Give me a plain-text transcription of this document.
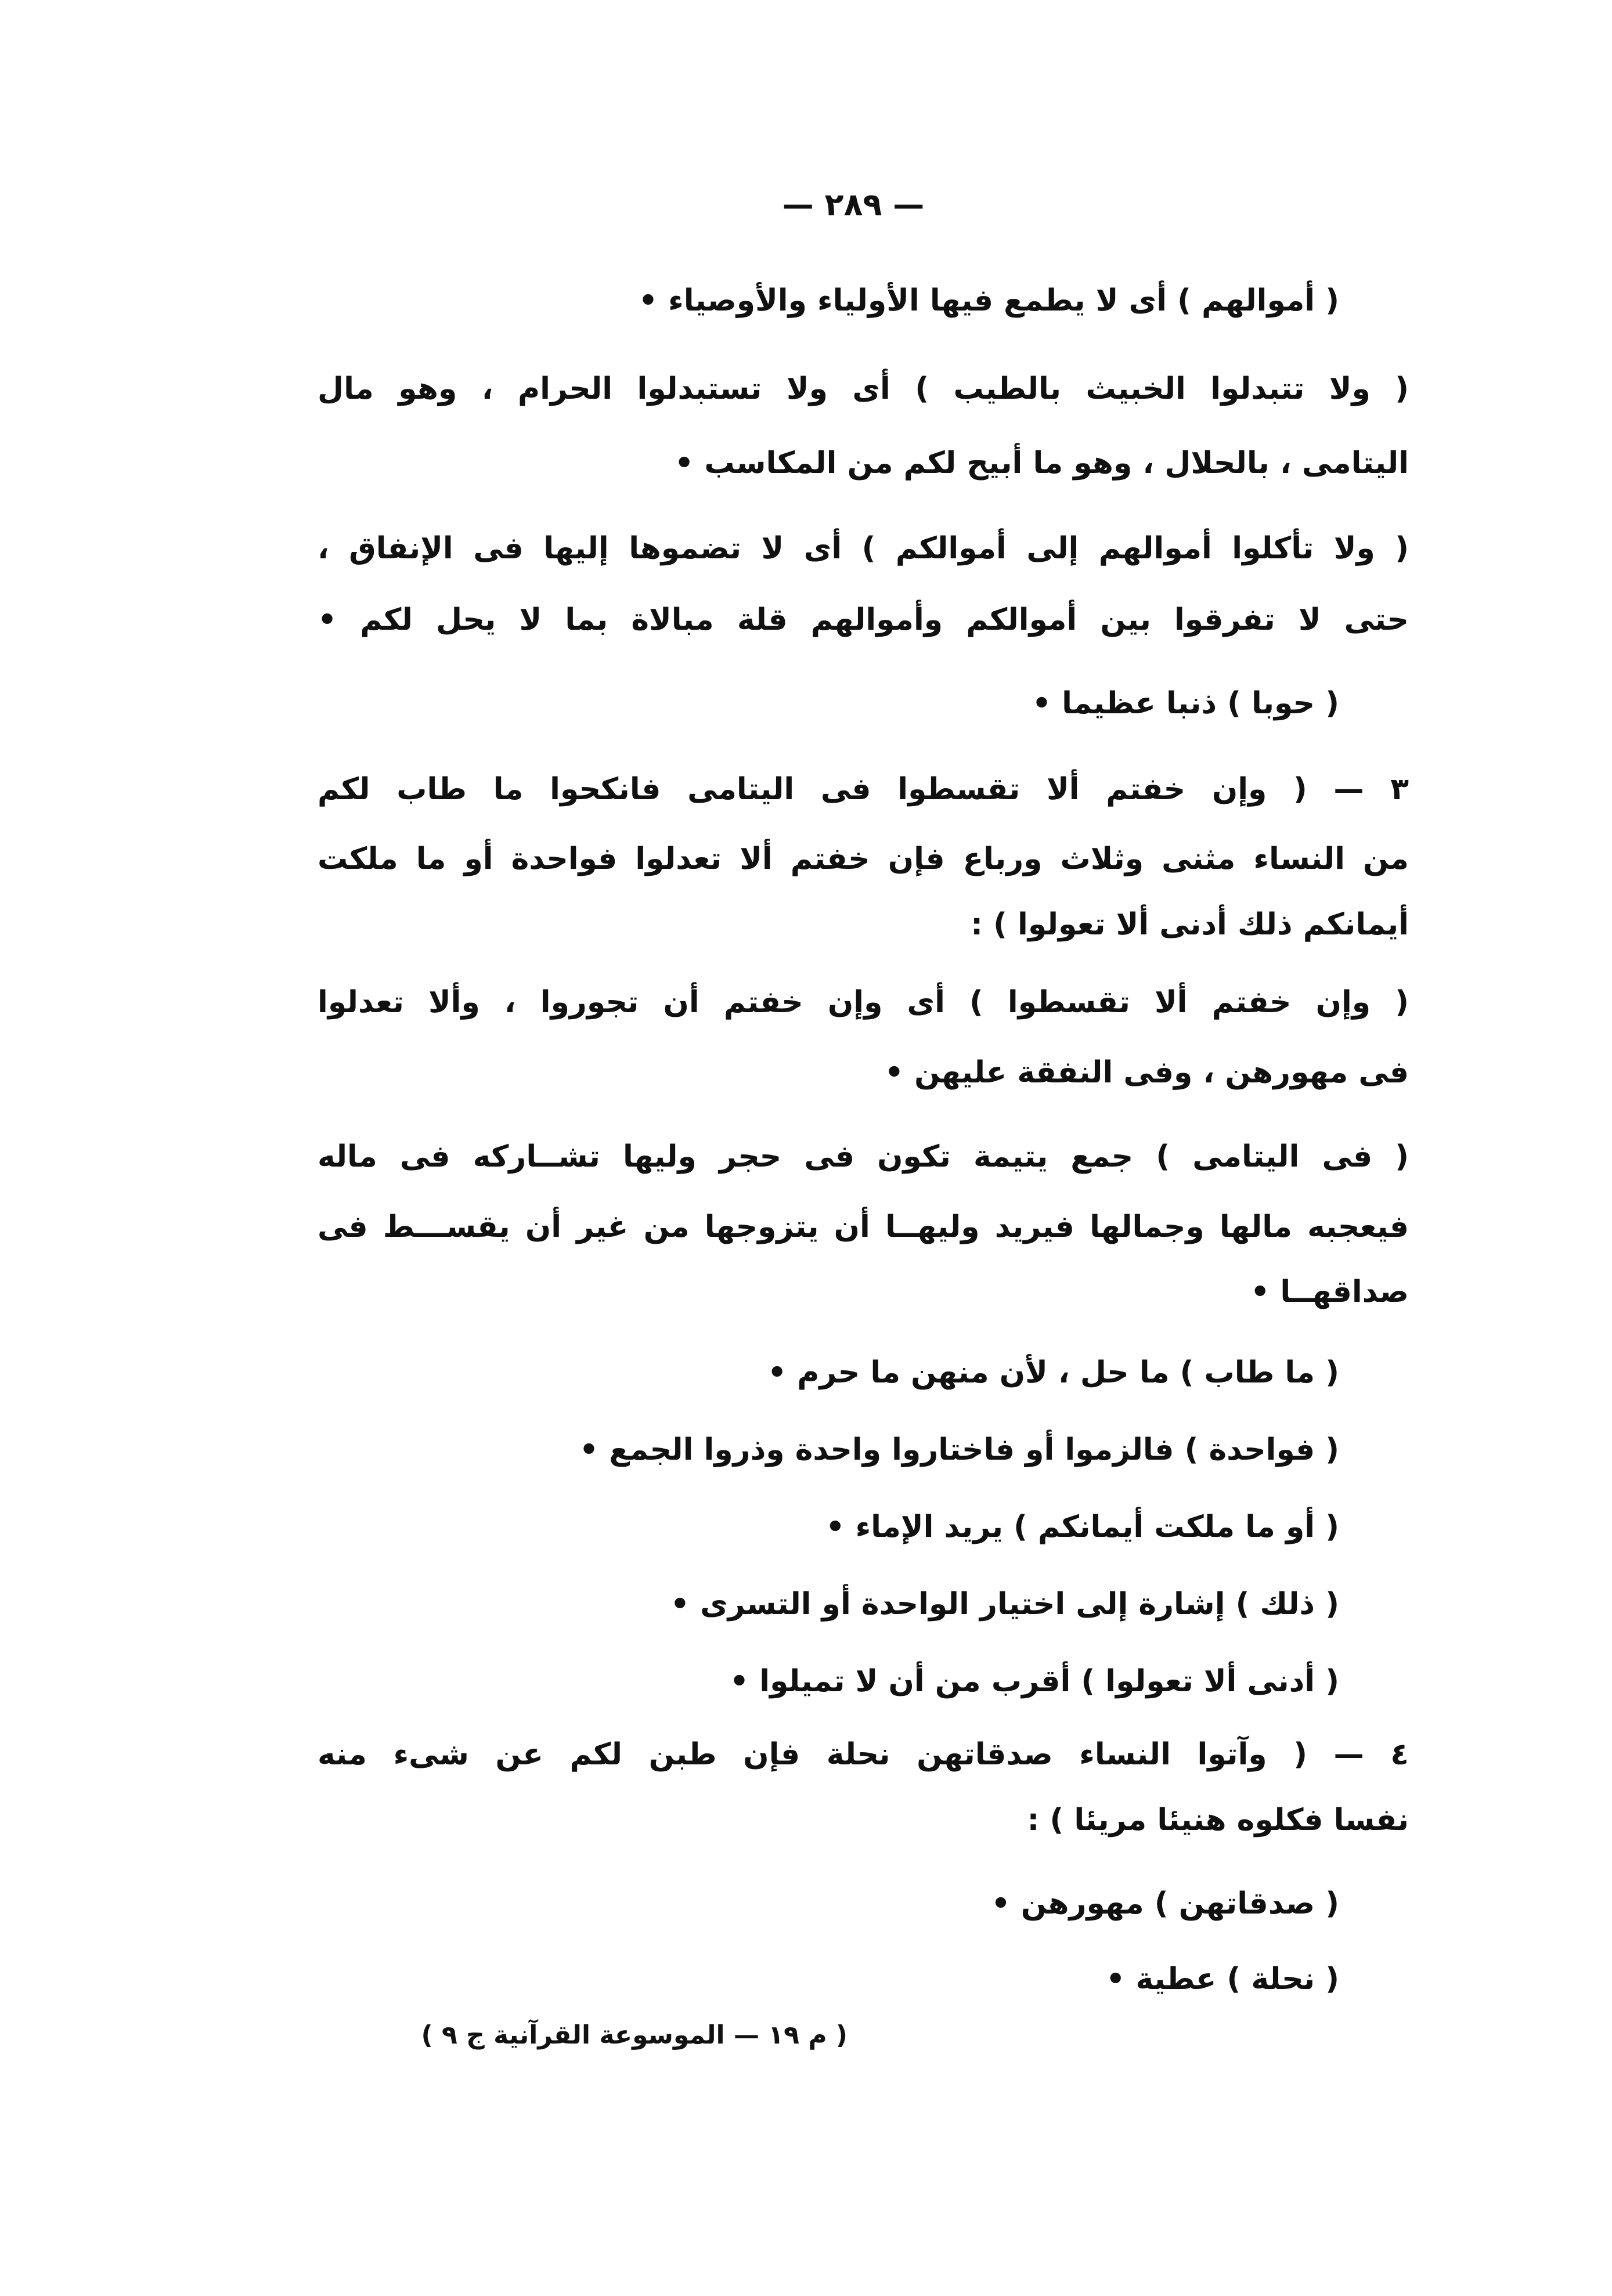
— ٢٨٩ —
( أموالهم ) أى لا يطمع فيها الأولياء والأوصياء •
( ولا تتبدلوا الخبيث بالطيب ) أى ولا تستبدلوا الحرام ، وهو مال
اليتامى ، بالحلال ، وهو ما أبيح لكم من المكاسب •
( ولا تأكلوا أموالهم إلى أموالكم ) أى لا تضموها إليها فى الإنفاق ،
حتى لا تفرقوا بين أموالكم وأموالهم قلة مبالاة بما لا يحل لكم •
( حوبا ) ذنبا عظيما •
٣ — ( وإن خفتم ألا تقسطوا فى اليتامى فانكحوا ما طاب لكم
من النساء مثنى وثلاث ورباع فإن خفتم ألا تعدلوا فواحدة أو ما ملكت
أيمانكم ذلك أدنى ألا تعولوا ) :
( وإن خفتم ألا تقسطوا ) أى وإن خفتم أن تجوروا ، وألا تعدلوا
فى مهورهن ، وفى النفقة عليهن •
( فى اليتامى ) جمع يتيمة تكون فى حجر وليها تشــاركه فى ماله
فيعجبه مالها وجمالها فيريد وليهــا أن يتزوجها من غير أن يقســـط فى
صداقهــا •
( ما طاب ) ما حل ، لأن منهن ما حرم •
( فواحدة ) فالزموا أو فاختاروا واحدة وذروا الجمع •
( أو ما ملكت أيمانكم ) يريد الإماء •
( ذلك ) إشارة إلى اختيار الواحدة أو التسرى •
( أدنى ألا تعولوا ) أقرب من أن لا تميلوا •
٤ — ( وآتوا النساء صدقاتهن نحلة فإن طبن لكم عن شىء منه
نفسا فكلوه هنيئا مريئا ) :
( صدقاتهن ) مهورهن •
( نحلة ) عطية •
( م ١٩ — الموسوعة القرآنية ج ٩ )
